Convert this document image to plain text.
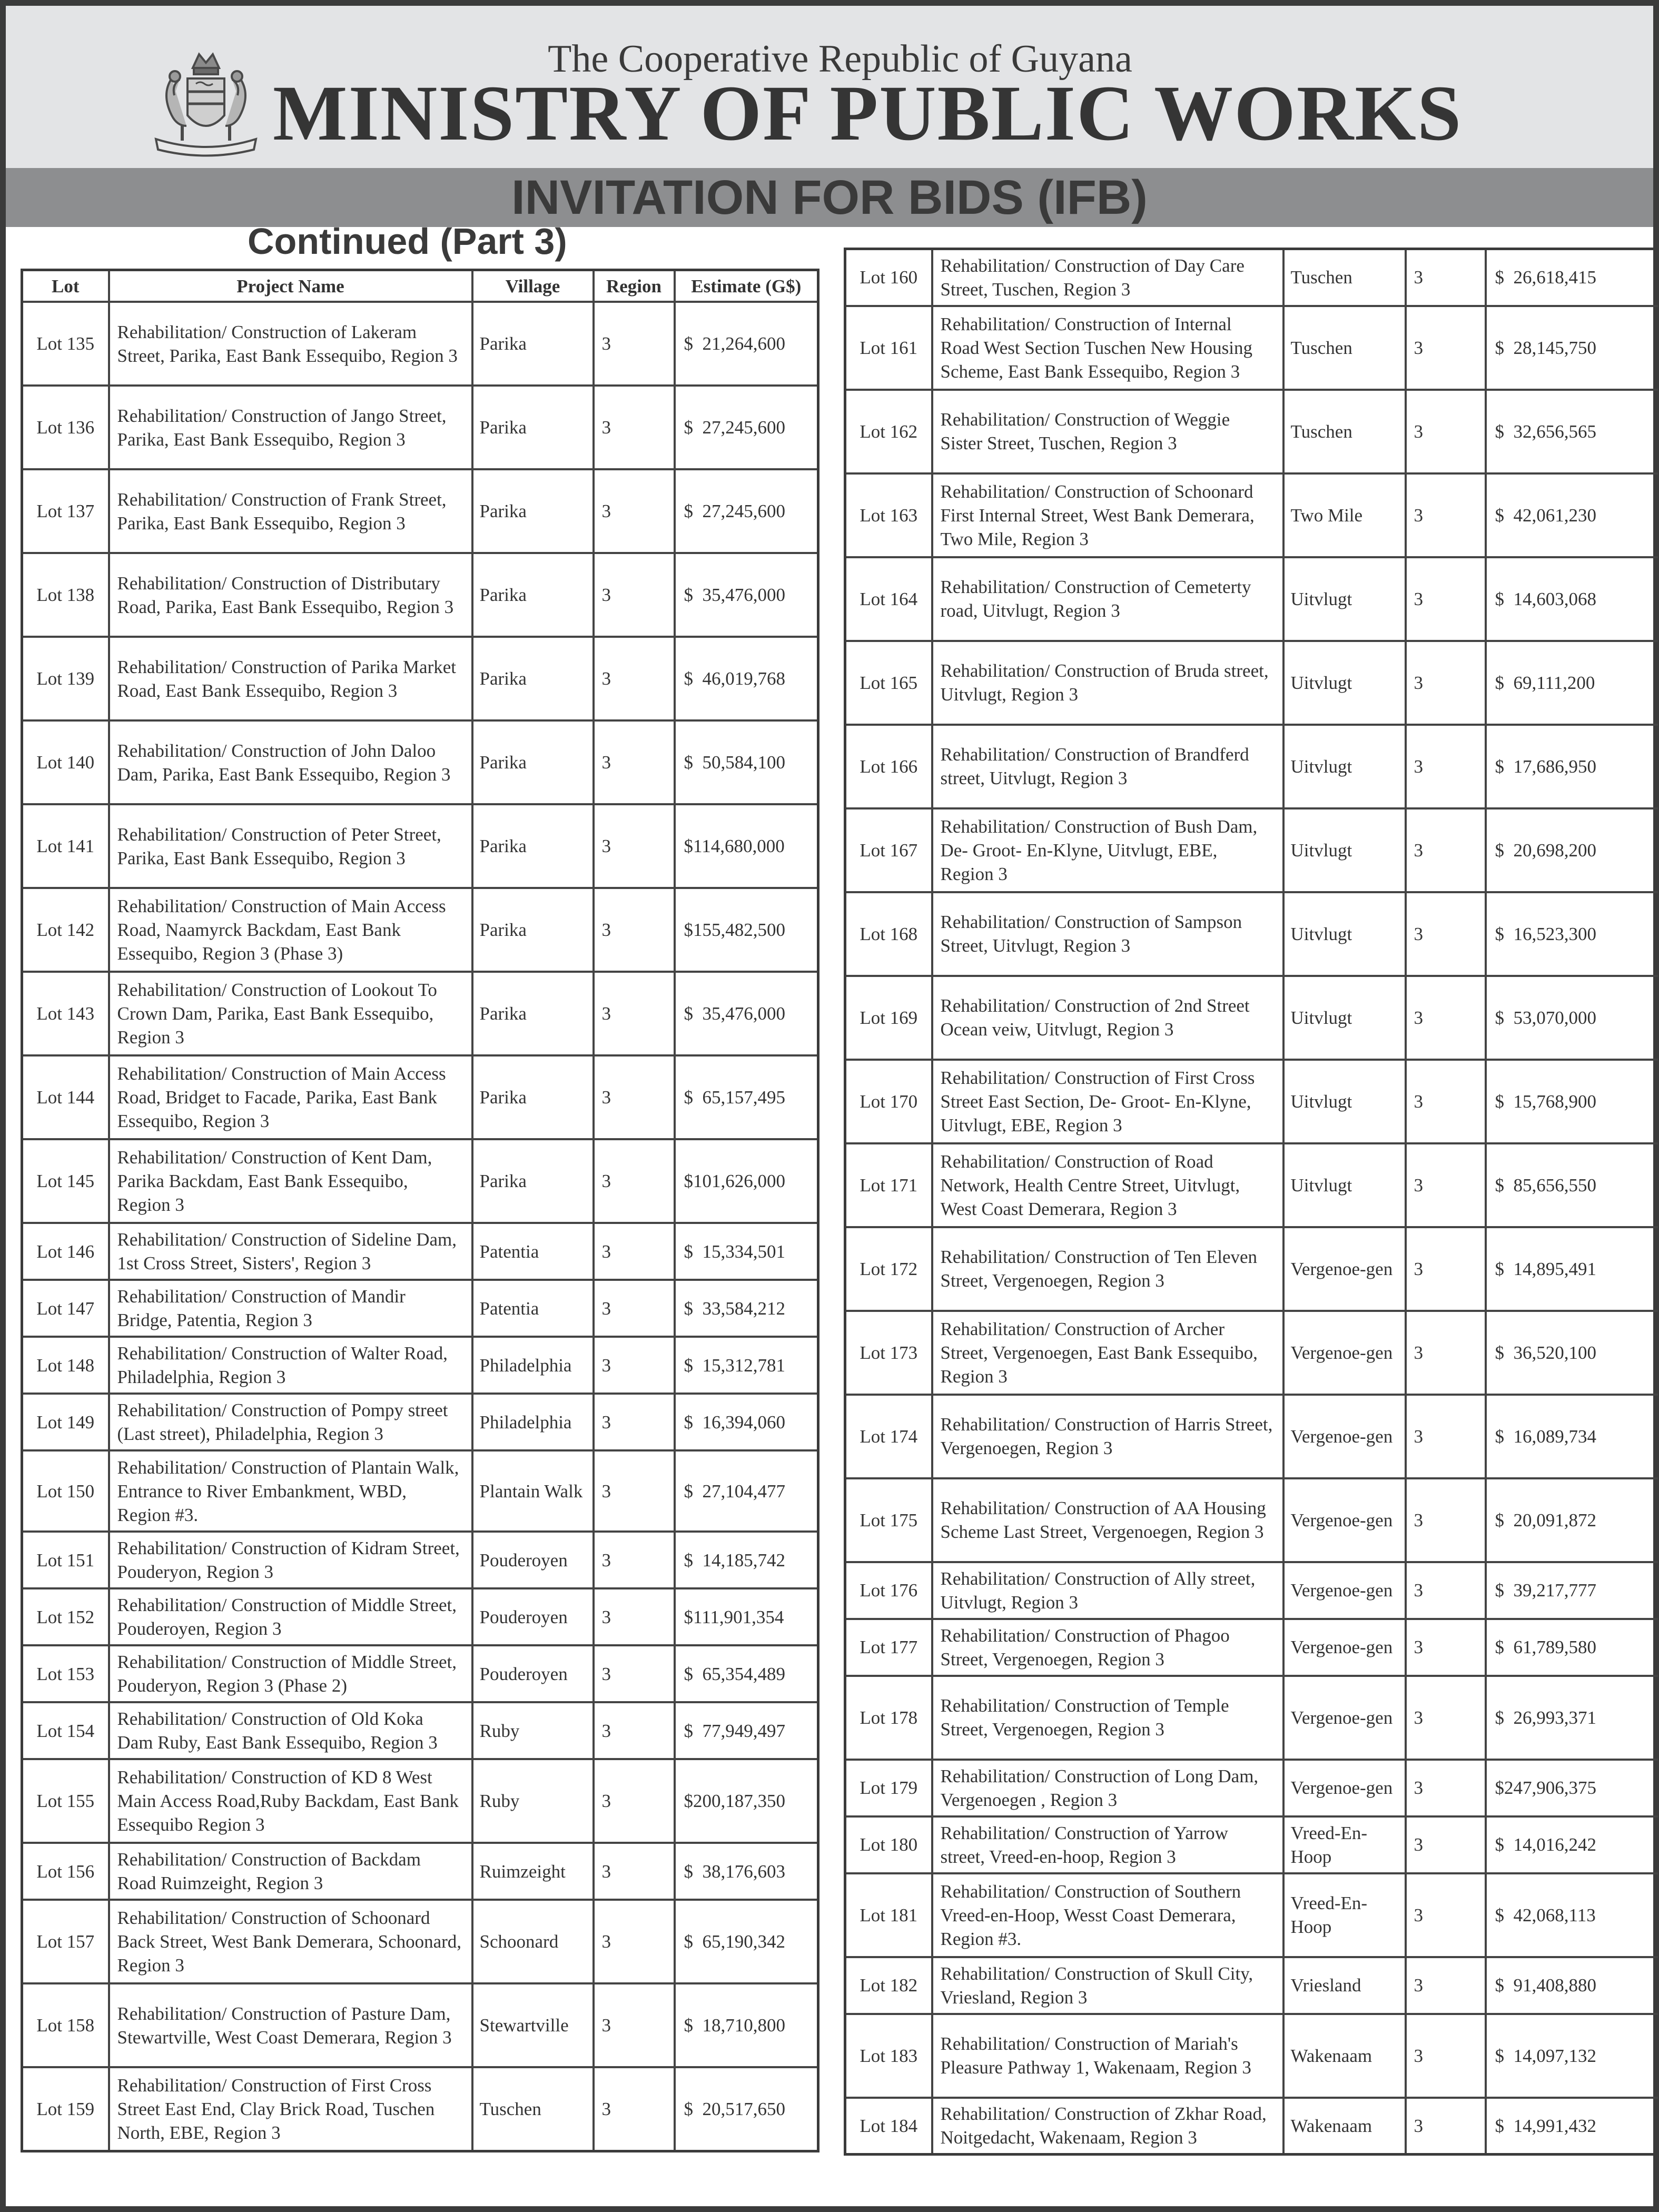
The Cooperative Republic of Guyana
MINISTRY OF PUBLIC WORKS
INVITATION FOR BIDS (IFB)
Continued (Part 3)
Lot	Project Name	Village	Region	Estimate (G$)
Lot 135	Rehabilitation/ Construction of Lakeram Street, Parika, East Bank Essequibo, Region 3	Parika	3	$  21,264,600
Lot 136	Rehabilitation/ Construction of Jango Street, Parika, East Bank Essequibo, Region 3	Parika	3	$  27,245,600
Lot 137	Rehabilitation/ Construction of Frank Street, Parika, East Bank Essequibo, Region 3	Parika	3	$  27,245,600
Lot 138	Rehabilitation/ Construction of Distributary Road, Parika, East Bank Essequibo, Region 3	Parika	3	$  35,476,000
Lot 139	Rehabilitation/ Construction of Parika Market Road, East Bank Essequibo, Region 3	Parika	3	$  46,019,768
Lot 140	Rehabilitation/ Construction of John Daloo Dam, Parika, East Bank Essequibo, Region 3	Parika	3	$  50,584,100
Lot 141	Rehabilitation/ Construction of Peter Street, Parika, East Bank Essequibo, Region 3	Parika	3	$114,680,000
Lot 142	Rehabilitation/ Construction of Main Access Road, Naamyrck Backdam, East Bank Essequibo, Region 3 (Phase 3)	Parika	3	$155,482,500
Lot 143	Rehabilitation/ Construction of Lookout To Crown Dam, Parika, East Bank Essequibo, Region 3	Parika	3	$  35,476,000
Lot 144	Rehabilitation/ Construction of Main Access Road, Bridget to Facade, Parika, East Bank Essequibo, Region 3	Parika	3	$  65,157,495
Lot 145	Rehabilitation/ Construction of Kent Dam, Parika Backdam, East Bank Essequibo, Region 3	Parika	3	$101,626,000
Lot 146	Rehabilitation/ Construction of Sideline Dam, 1st Cross Street, Sisters', Region 3	Patentia	3	$  15,334,501
Lot 147	Rehabilitation/ Construction of Mandir Bridge, Patentia, Region 3	Patentia	3	$  33,584,212
Lot 148	Rehabilitation/ Construction of Walter Road, Philadelphia, Region 3	Philadelphia	3	$  15,312,781
Lot 149	Rehabilitation/ Construction of Pompy street (Last street), Philadelphia, Region 3	Philadelphia	3	$  16,394,060
Lot 150	Rehabilitation/ Construction of Plantain Walk, Entrance to River Embankment, WBD, Region #3.	Plantain Walk	3	$  27,104,477
Lot 151	Rehabilitation/ Construction of Kidram Street, Pouderyon, Region 3	Pouderoyen	3	$  14,185,742
Lot 152	Rehabilitation/ Construction of Middle Street, Pouderoyen, Region 3	Pouderoyen	3	$111,901,354
Lot 153	Rehabilitation/ Construction of Middle Street, Pouderyon, Region 3 (Phase 2)	Pouderoyen	3	$  65,354,489
Lot 154	Rehabilitation/ Construction of Old Koka Dam Ruby, East Bank Essequibo, Region 3	Ruby	3	$  77,949,497
Lot 155	Rehabilitation/ Construction of KD 8 West Main Access Road,Ruby Backdam, East Bank Essequibo Region 3	Ruby	3	$200,187,350
Lot 156	Rehabilitation/ Construction of Backdam Road Ruimzeight, Region 3	Ruimzeight	3	$  38,176,603
Lot 157	Rehabilitation/ Construction of Schoonard Back Street, West Bank Demerara, Schoonard, Region 3	Schoonard	3	$  65,190,342
Lot 158	Rehabilitation/ Construction of Pasture Dam, Stewartville, West Coast Demerara, Region 3	Stewartville	3	$  18,710,800
Lot 159	Rehabilitation/ Construction of First Cross Street East End, Clay Brick Road, Tuschen North, EBE, Region 3	Tuschen	3	$  20,517,650
Lot 160	Rehabilitation/ Construction of Day Care Street, Tuschen, Region 3	Tuschen	3	$  26,618,415
Lot 161	Rehabilitation/ Construction of Internal Road West Section Tuschen New Housing Scheme, East Bank Essequibo, Region 3	Tuschen	3	$  28,145,750
Lot 162	Rehabilitation/ Construction of Weggie Sister Street, Tuschen, Region 3	Tuschen	3	$  32,656,565
Lot 163	Rehabilitation/ Construction of Schoonard First Internal Street, West Bank Demerara, Two Mile, Region 3	Two Mile	3	$  42,061,230
Lot 164	Rehabilitation/ Construction of Cemeterty road, Uitvlugt, Region 3	Uitvlugt	3	$  14,603,068
Lot 165	Rehabilitation/ Construction of Bruda street, Uitvlugt, Region 3	Uitvlugt	3	$  69,111,200
Lot 166	Rehabilitation/ Construction of Brandferd street, Uitvlugt, Region 3	Uitvlugt	3	$  17,686,950
Lot 167	Rehabilitation/ Construction of Bush Dam, De- Groot- En-Klyne, Uitvlugt, EBE, Region 3	Uitvlugt	3	$  20,698,200
Lot 168	Rehabilitation/ Construction of Sampson Street, Uitvlugt, Region 3	Uitvlugt	3	$  16,523,300
Lot 169	Rehabilitation/ Construction of 2nd Street Ocean veiw, Uitvlugt, Region 3	Uitvlugt	3	$  53,070,000
Lot 170	Rehabilitation/ Construction of First Cross Street East Section, De- Groot- En-Klyne, Uitvlugt, EBE, Region 3	Uitvlugt	3	$  15,768,900
Lot 171	Rehabilitation/ Construction of Road Network, Health Centre Street, Uitvlugt, West Coast Demerara, Region 3	Uitvlugt	3	$  85,656,550
Lot 172	Rehabilitation/ Construction of Ten Eleven Street, Vergenoegen, Region 3	Vergenoe-gen	3	$  14,895,491
Lot 173	Rehabilitation/ Construction of Archer Street, Vergenoegen, East Bank Essequibo, Region 3	Vergenoe-gen	3	$  36,520,100
Lot 174	Rehabilitation/ Construction of Harris Street, Vergenoegen, Region 3	Vergenoe-gen	3	$  16,089,734
Lot 175	Rehabilitation/ Construction of AA Housing Scheme Last Street, Vergenoegen, Region 3	Vergenoe-gen	3	$  20,091,872
Lot 176	Rehabilitation/ Construction of Ally street, Uitvlugt, Region 3	Vergenoe-gen	3	$  39,217,777
Lot 177	Rehabilitation/ Construction of Phagoo Street, Vergenoegen, Region 3	Vergenoe-gen	3	$  61,789,580
Lot 178	Rehabilitation/ Construction of Temple Street, Vergenoegen, Region 3	Vergenoe-gen	3	$  26,993,371
Lot 179	Rehabilitation/ Construction of Long Dam, Vergenoegen , Region 3	Vergenoe-gen	3	$247,906,375
Lot 180	Rehabilitation/ Construction of Yarrow street, Vreed-en-hoop, Region 3	Vreed-En-Hoop	3	$  14,016,242
Lot 181	Rehabilitation/ Construction of Southern Vreed-en-Hoop, Wesst Coast Demerara, Region #3.	Vreed-En-Hoop	3	$  42,068,113
Lot 182	Rehabilitation/ Construction of Skull City, Vriesland, Region 3	Vriesland	3	$  91,408,880
Lot 183	Rehabilitation/ Construction of Mariah's Pleasure Pathway 1, Wakenaam, Region 3	Wakenaam	3	$  14,097,132
Lot 184	Rehabilitation/ Construction of Zkhar Road, Noitgedacht, Wakenaam, Region 3	Wakenaam	3	$  14,991,432
